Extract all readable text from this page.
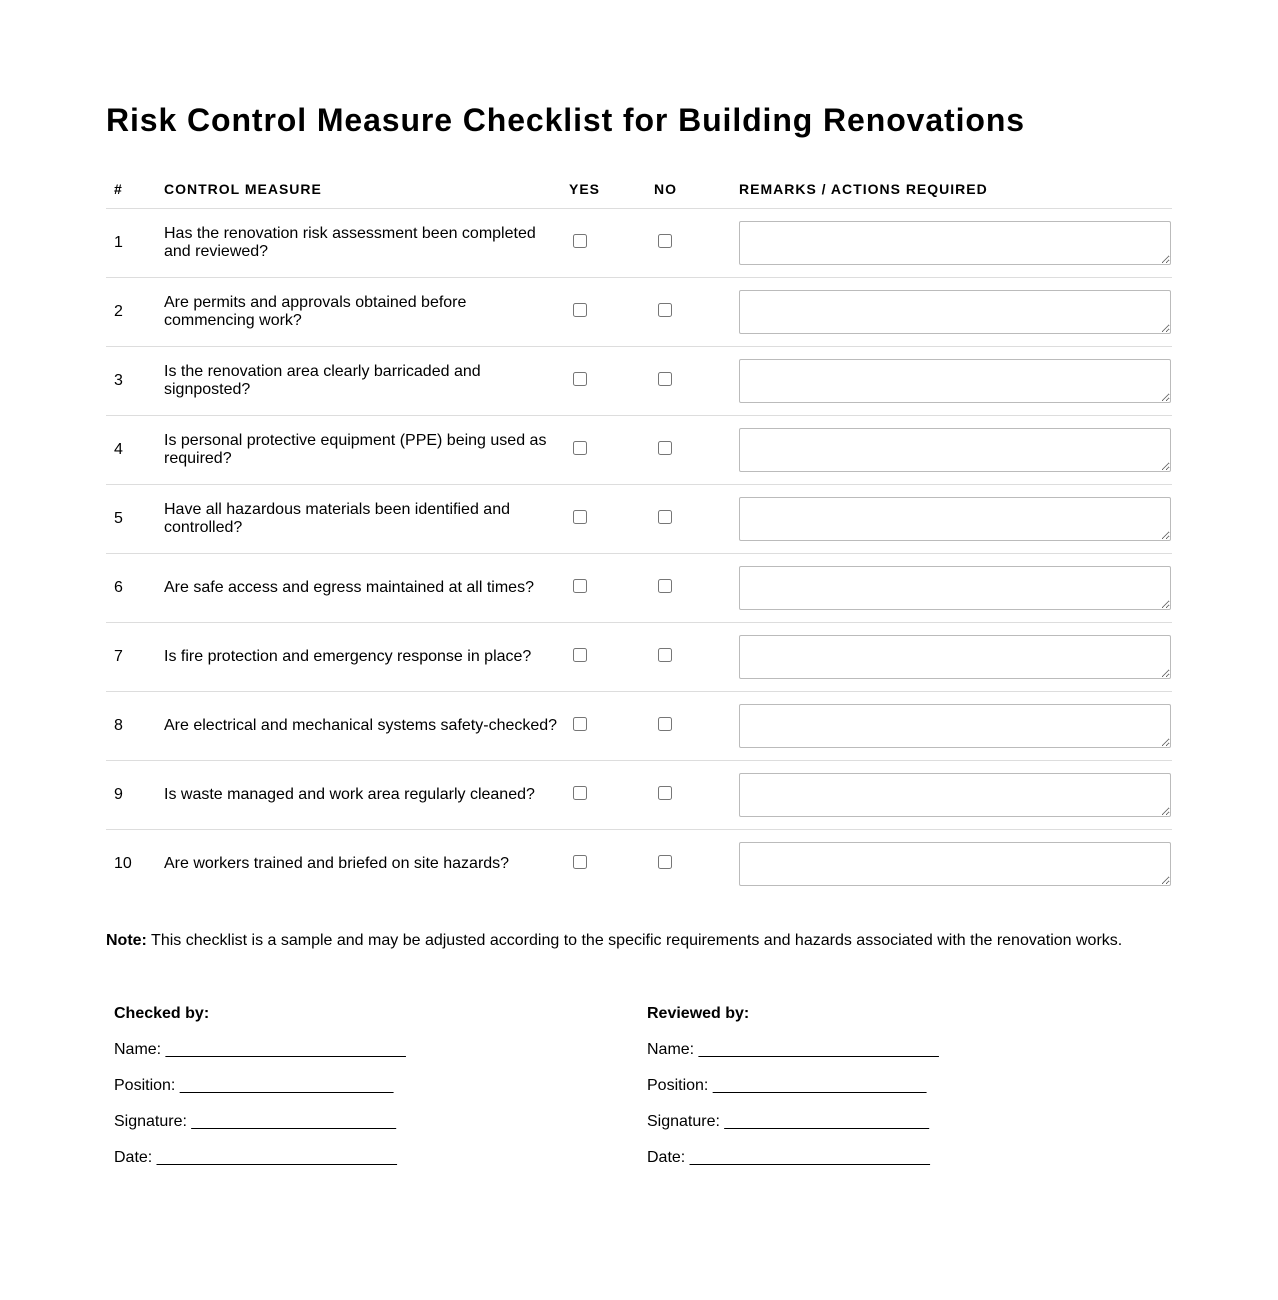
Risk Control Measure Checklist for Building Renovations
#	CONTROL MEASURE	YES	NO	REMARKS / ACTIONS REQUIRED
1	Has the renovation risk assessment been completed and reviewed?			

2	Are permits and approvals obtained before commencing work?			

3	Is the renovation area clearly barricaded and signposted?			

4	Is personal protective equipment (PPE) being used as required?			

5	Have all hazardous materials been identified and controlled?			

6	Are safe access and egress maintained at all times?			

7	Is fire protection and emergency response in place?			

8	Are electrical and mechanical systems safety-checked?			

9	Is waste managed and work area regularly cleaned?			

10	Are workers trained and briefed on site hazards?			
Note: This checklist is a sample and may be adjusted according to the specific requirements and hazards associated with the renovation works.
Checked by:
Name: ___________________________
Position: ________________________
Signature: _______________________
Date: ___________________________
Reviewed by:
Name: ___________________________
Position: ________________________
Signature: _______________________
Date: ___________________________
